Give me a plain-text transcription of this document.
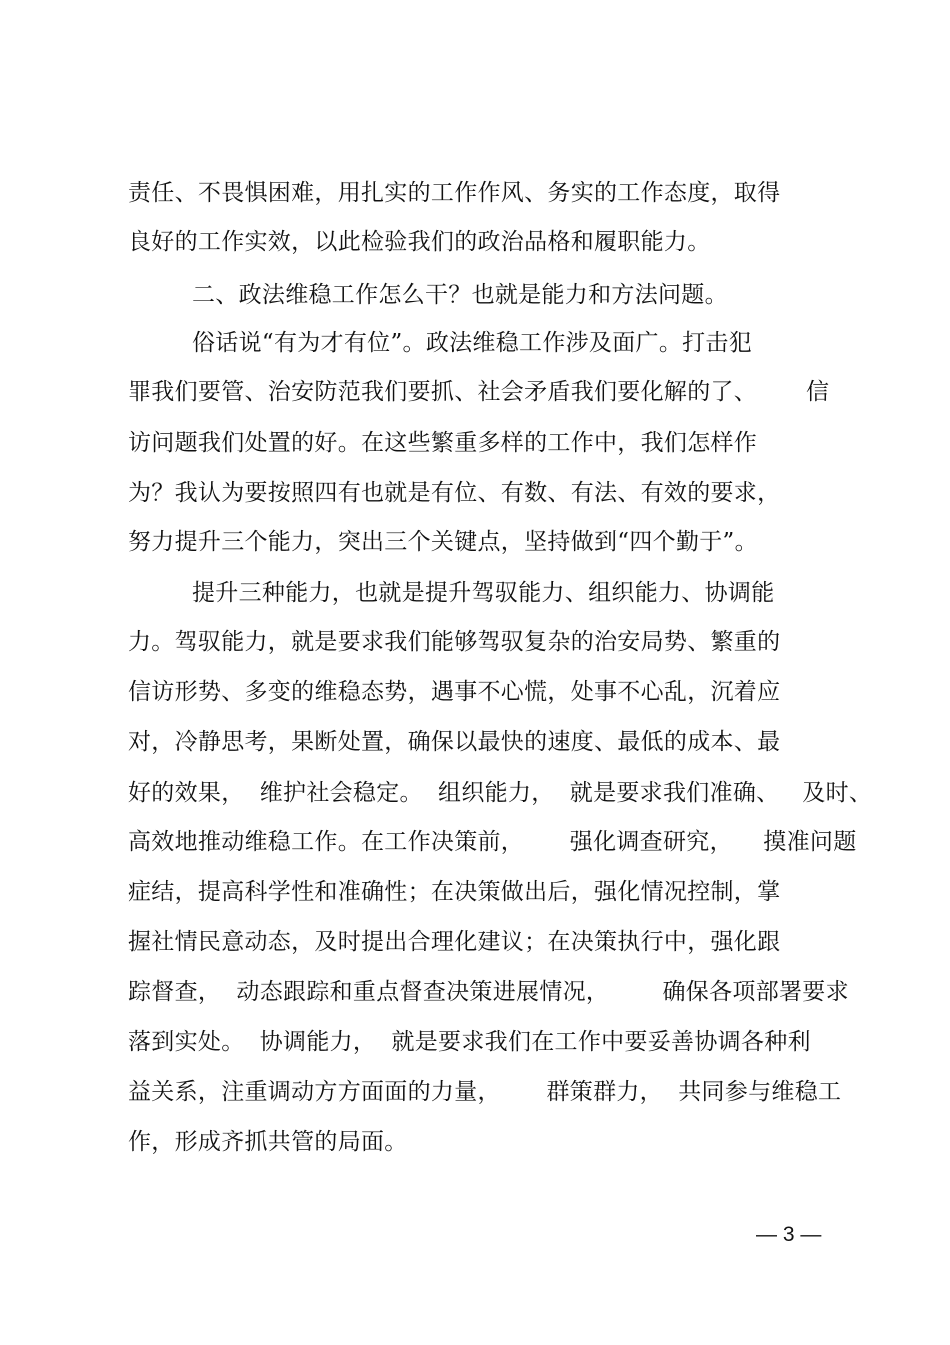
责任、不畏惧困难，用扎实的工作作风、务实的工作态度，取得
良好的工作实效，以此检验我们的政治品格和履职能力。
二、政法维稳工作怎么干？也就是能力和方法问题。
俗话说“有为才有位”。政法维稳工作涉及面广。打击犯
罪我们要管、治安防范我们要抓、社会矛盾我们要化解的了、 信
访问题我们处置的好。在这些繁重多样的工作中，我们怎样作
为？我认为要按照四有也就是有位、有数、有法、有效的要求，
努力提升三个能力，突出三个关键点，坚持做到“四个勤于”。
提升三种能力，也就是提升驾驭能力、组织能力、协调能
力。驾驭能力，就是要求我们能够驾驭复杂的治安局势、繁重的
信访形势、多变的维稳态势，遇事不心慌，处事不心乱，沉着应
对，冷静思考，果断处置，确保以最快的速度、最低的成本、最
好的效果，  维护社会稳定。  组织能力，  就是要求我们准确、   及时、
高效地推动维稳工作。在工作决策前，      强化调查研究，    摸准问题
症结，提高科学性和准确性；在决策做出后，强化情况控制，掌
握社情民意动态，及时提出合理化建议；在决策执行中，强化跟
踪督查，  动态跟踪和重点督查决策进展情况，       确保各项部署要求
落到实处。  协调能力，  就是要求我们在工作中要妥善协调各种利
益关系，注重调动方方面面的力量，      群策群力，  共同参与维稳工
作，形成齐抓共管的局面。
— 3 —
